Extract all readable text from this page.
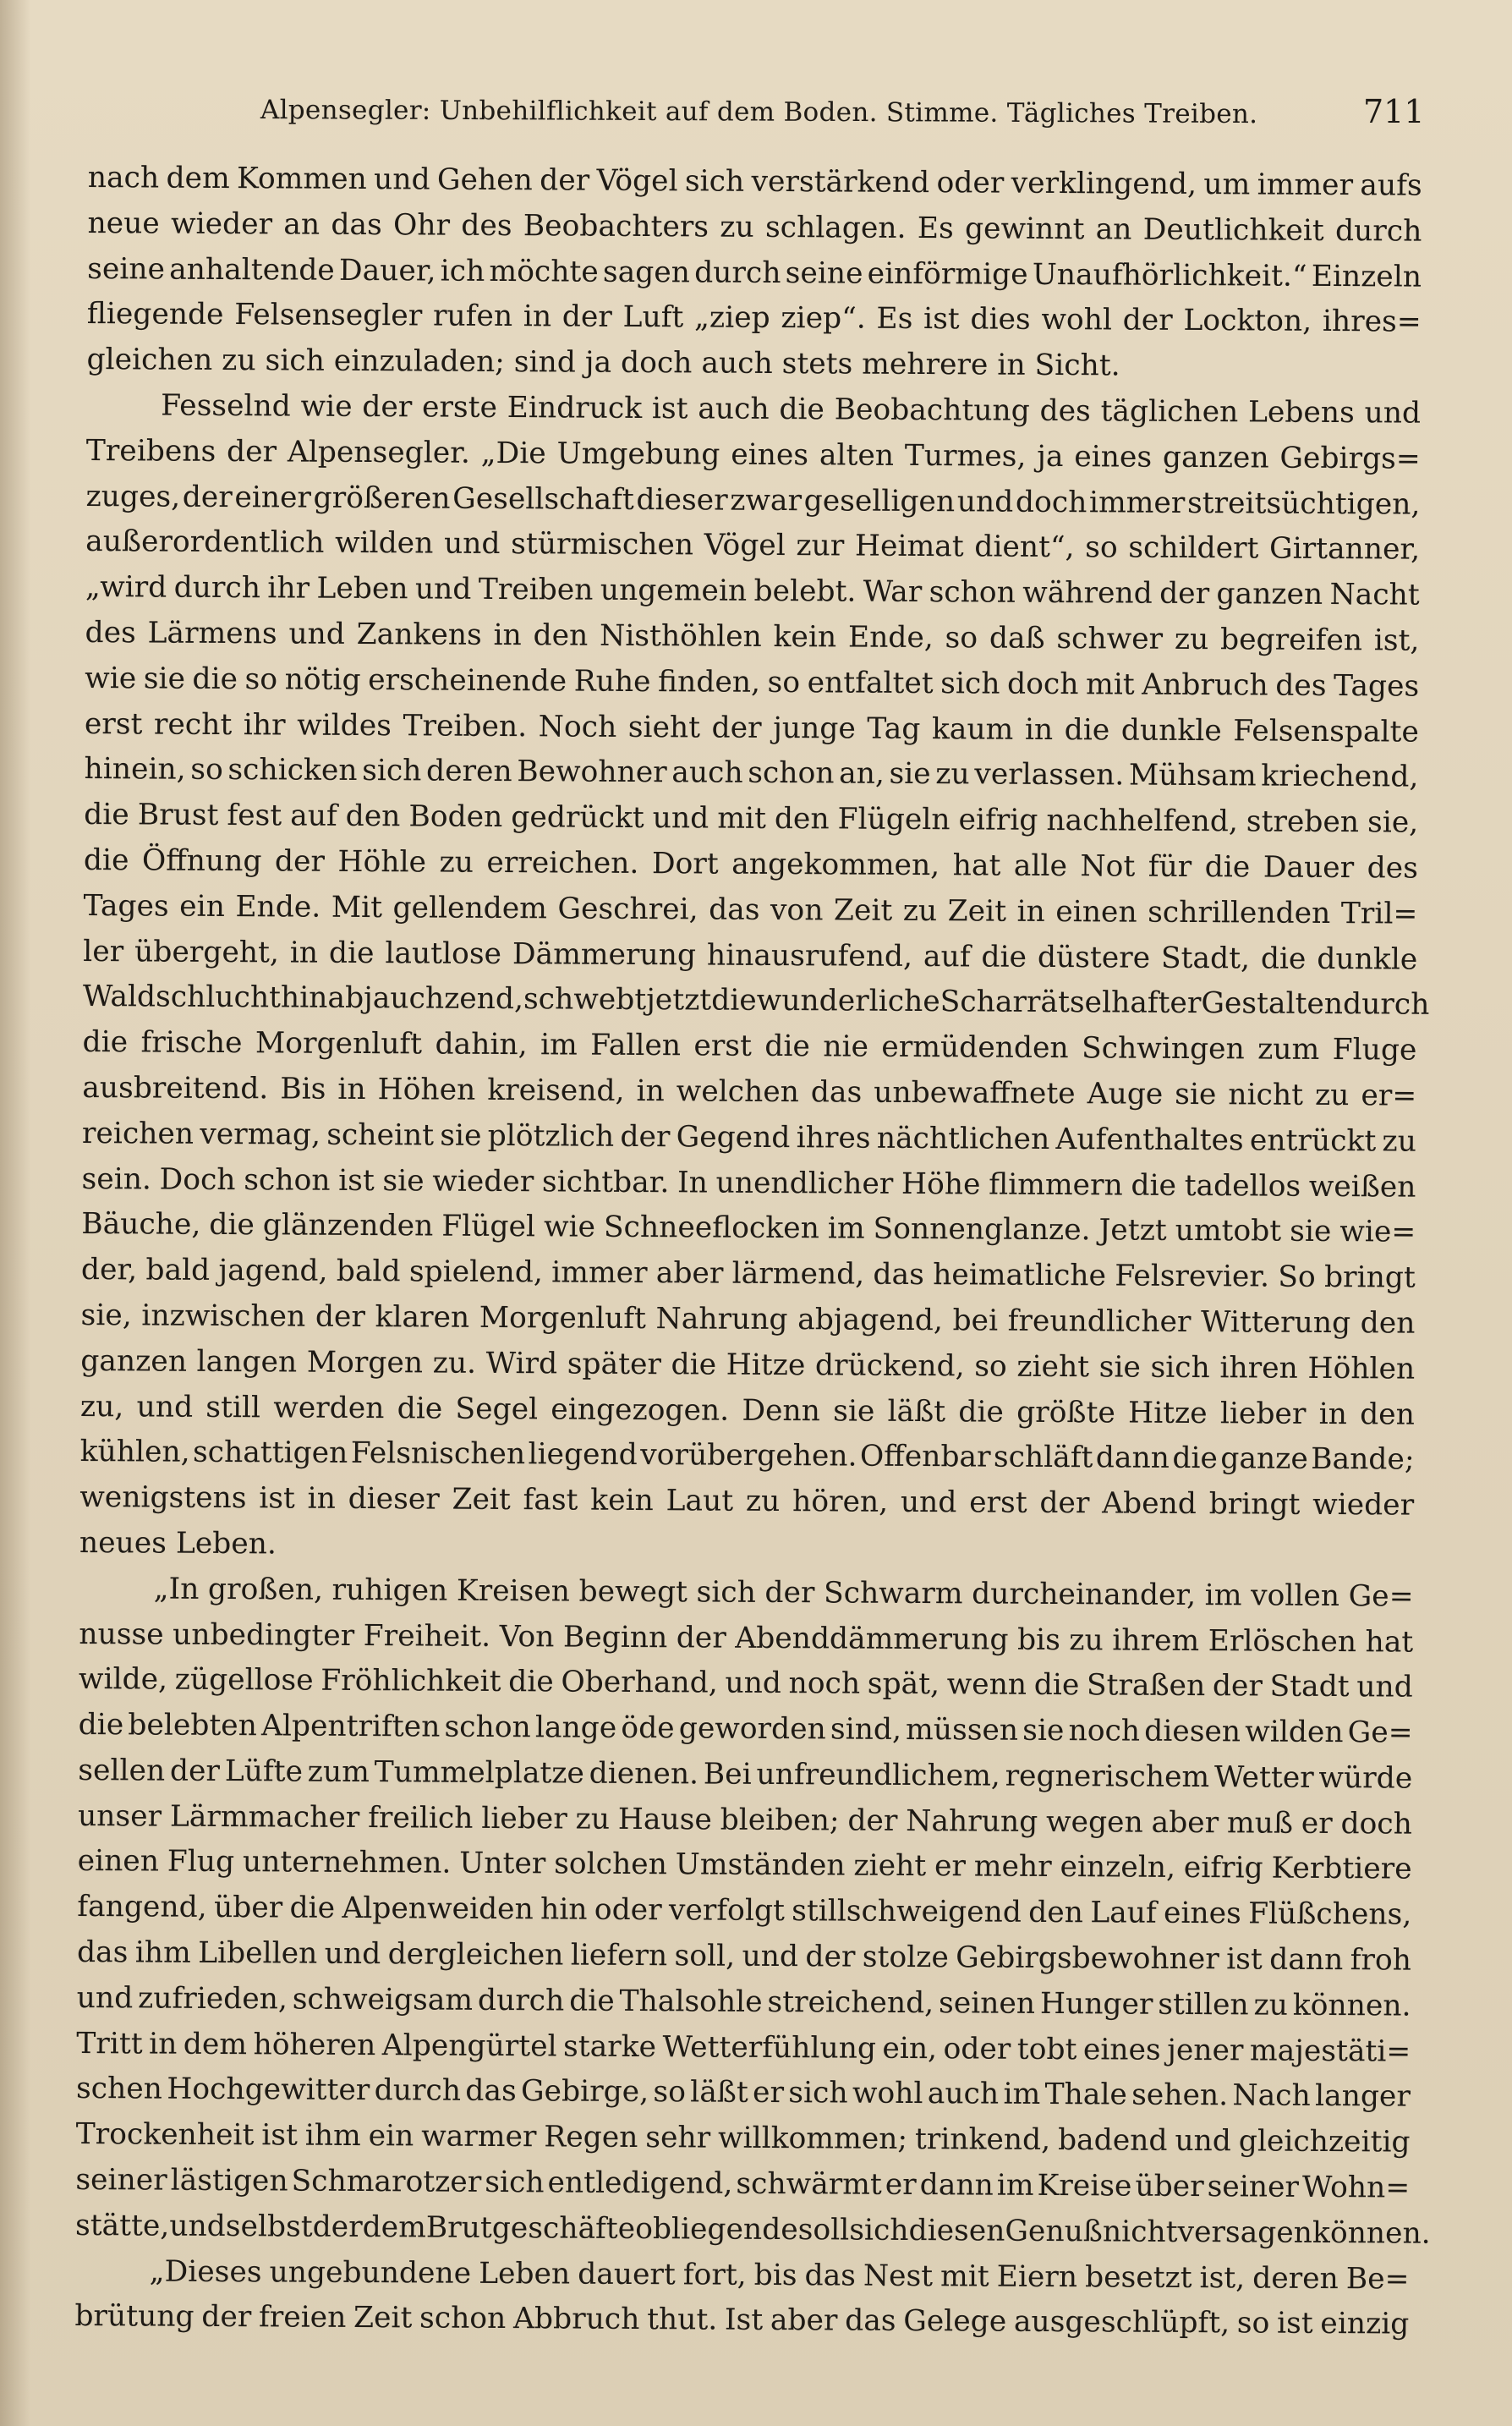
Alpensegler: Unbehilflichkeit auf dem Boden. Stimme. Tägliches Treiben.	711
nach dem Kommen und Gehen der Vögel sich verstärkend oder verklingend, um immer aufs
neue wieder an das Ohr des Beobachters zu schlagen. Es gewinnt an Deutlichkeit durch
seine anhaltende Dauer, ich möchte sagen durch seine einförmige Unaufhörlichkeit.“ Einzeln
fliegende Felsensegler rufen in der Luft „ziep ziep“. Es ist dies wohl der Lockton, ihres=
gleichen zu sich einzuladen; sind ja doch auch stets mehrere in Sicht.
Fesselnd wie der erste Eindruck ist auch die Beobachtung des täglichen Lebens und
Treibens der Alpensegler. „Die Umgebung eines alten Turmes, ja eines ganzen Gebirgs=
zuges, der einer größeren Gesellschaft dieser zwar geselligen und doch immer streitsüchtigen,
außerordentlich wilden und stürmischen Vögel zur Heimat dient“, so schildert Girtanner,
„wird durch ihr Leben und Treiben ungemein belebt. War schon während der ganzen Nacht
des Lärmens und Zankens in den Nisthöhlen kein Ende, so daß schwer zu begreifen ist,
wie sie die so nötig erscheinende Ruhe finden, so entfaltet sich doch mit Anbruch des Tages
erst recht ihr wildes Treiben. Noch sieht der junge Tag kaum in die dunkle Felsenspalte
hinein, so schicken sich deren Bewohner auch schon an, sie zu verlassen. Mühsam kriechend,
die Brust fest auf den Boden gedrückt und mit den Flügeln eifrig nachhelfend, streben sie,
die Öffnung der Höhle zu erreichen. Dort angekommen, hat alle Not für die Dauer des
Tages ein Ende. Mit gellendem Geschrei, das von Zeit zu Zeit in einen schrillenden Tril=
ler übergeht, in die lautlose Dämmerung hinausrufend, auf die düstere Stadt, die dunkle
Waldschlucht hinabjauchzend, schwebt jetzt die wunderliche Schar rätselhafter Gestalten durch
die frische Morgenluft dahin, im Fallen erst die nie ermüdenden Schwingen zum Fluge
ausbreitend. Bis in Höhen kreisend, in welchen das unbewaffnete Auge sie nicht zu er=
reichen vermag, scheint sie plötzlich der Gegend ihres nächtlichen Aufenthaltes entrückt zu
sein. Doch schon ist sie wieder sichtbar. In unendlicher Höhe flimmern die tadellos weißen
Bäuche, die glänzenden Flügel wie Schneeflocken im Sonnenglanze. Jetzt umtobt sie wie=
der, bald jagend, bald spielend, immer aber lärmend, das heimatliche Felsrevier. So bringt
sie, inzwischen der klaren Morgenluft Nahrung abjagend, bei freundlicher Witterung den
ganzen langen Morgen zu. Wird später die Hitze drückend, so zieht sie sich ihren Höhlen
zu, und still werden die Segel eingezogen. Denn sie läßt die größte Hitze lieber in den
kühlen, schattigen Felsnischen liegend vorübergehen. Offenbar schläft dann die ganze Bande;
wenigstens ist in dieser Zeit fast kein Laut zu hören, und erst der Abend bringt wieder
neues Leben.
„In großen, ruhigen Kreisen bewegt sich der Schwarm durcheinander, im vollen Ge=
nusse unbedingter Freiheit. Von Beginn der Abenddämmerung bis zu ihrem Erlöschen hat
wilde, zügellose Fröhlichkeit die Oberhand, und noch spät, wenn die Straßen der Stadt und
die belebten Alpentriften schon lange öde geworden sind, müssen sie noch diesen wilden Ge=
sellen der Lüfte zum Tummelplatze dienen. Bei unfreundlichem, regnerischem Wetter würde
unser Lärmmacher freilich lieber zu Hause bleiben; der Nahrung wegen aber muß er doch
einen Flug unternehmen. Unter solchen Umständen zieht er mehr einzeln, eifrig Kerbtiere
fangend, über die Alpenweiden hin oder verfolgt stillschweigend den Lauf eines Flüßchens,
das ihm Libellen und dergleichen liefern soll, und der stolze Gebirgsbewohner ist dann froh
und zufrieden, schweigsam durch die Thalsohle streichend, seinen Hunger stillen zu können.
Tritt in dem höheren Alpengürtel starke Wetterfühlung ein, oder tobt eines jener majestäti=
schen Hochgewitter durch das Gebirge, so läßt er sich wohl auch im Thale sehen. Nach langer
Trockenheit ist ihm ein warmer Regen sehr willkommen; trinkend, badend und gleichzeitig
seiner lästigen Schmarotzer sich entledigend, schwärmt er dann im Kreise über seiner Wohn=
stätte, und selbst der dem Brutgeschäfte obliegende soll sich diesen Genuß nicht versagen können.
„Dieses ungebundene Leben dauert fort, bis das Nest mit Eiern besetzt ist, deren Be=
brütung der freien Zeit schon Abbruch thut. Ist aber das Gelege ausgeschlüpft, so ist einzig
